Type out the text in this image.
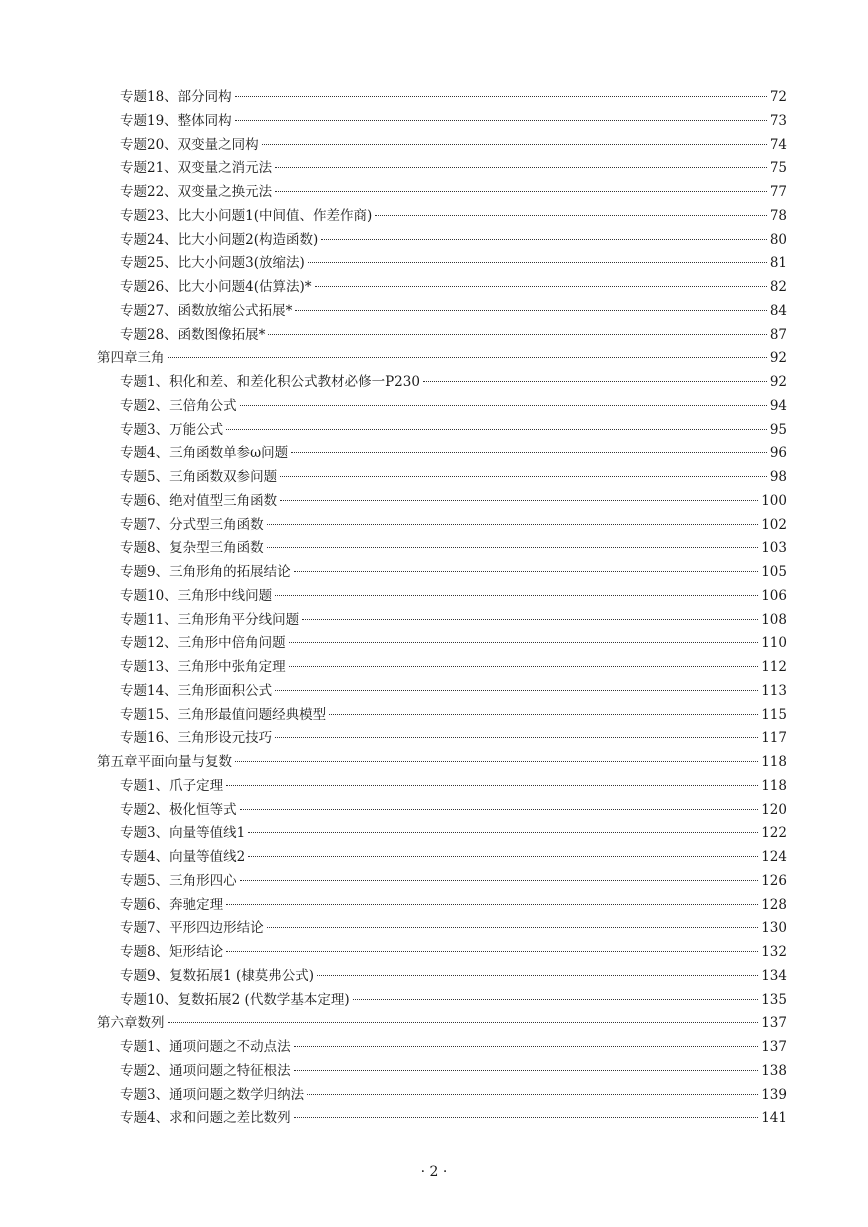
专题18、部分同构	72
专题19、整体同构	73
专题20、双变量之同构	74
专题21、双变量之消元法	75
专题22、双变量之换元法	77
专题23、比大小问题1(中间值、作差作商)	78
专题24、比大小问题2(构造函数)	80
专题25、比大小问题3(放缩法)	81
专题26、比大小问题4(估算法)*	82
专题27、函数放缩公式拓展*	84
专题28、函数图像拓展*	87
第四章三角	92
专题1、积化和差、和差化积公式教材必修一P230	92
专题2、三倍角公式	94
专题3、万能公式	95
专题4、三角函数单参ω问题	96
专题5、三角函数双参问题	98
专题6、绝对值型三角函数	100
专题7、分式型三角函数	102
专题8、复杂型三角函数	103
专题9、三角形角的拓展结论	105
专题10、三角形中线问题	106
专题11、三角形角平分线问题	108
专题12、三角形中倍角问题	110
专题13、三角形中张角定理	112
专题14、三角形面积公式	113
专题15、三角形最值问题经典模型	115
专题16、三角形设元技巧	117
第五章平面向量与复数	118
专题1、爪子定理	118
专题2、极化恒等式	120
专题3、向量等值线1	122
专题4、向量等值线2	124
专题5、三角形四心	126
专题6、奔驰定理	128
专题7、平形四边形结论	130
专题8、矩形结论	132
专题9、复数拓展1 (棣莫弗公式)	134
专题10、复数拓展2 (代数学基本定理)	135
第六章数列	137
专题1、通项问题之不动点法	137
专题2、通项问题之特征根法	138
专题3、通项问题之数学归纳法	139
专题4、求和问题之差比数列	141
· 2 ·
